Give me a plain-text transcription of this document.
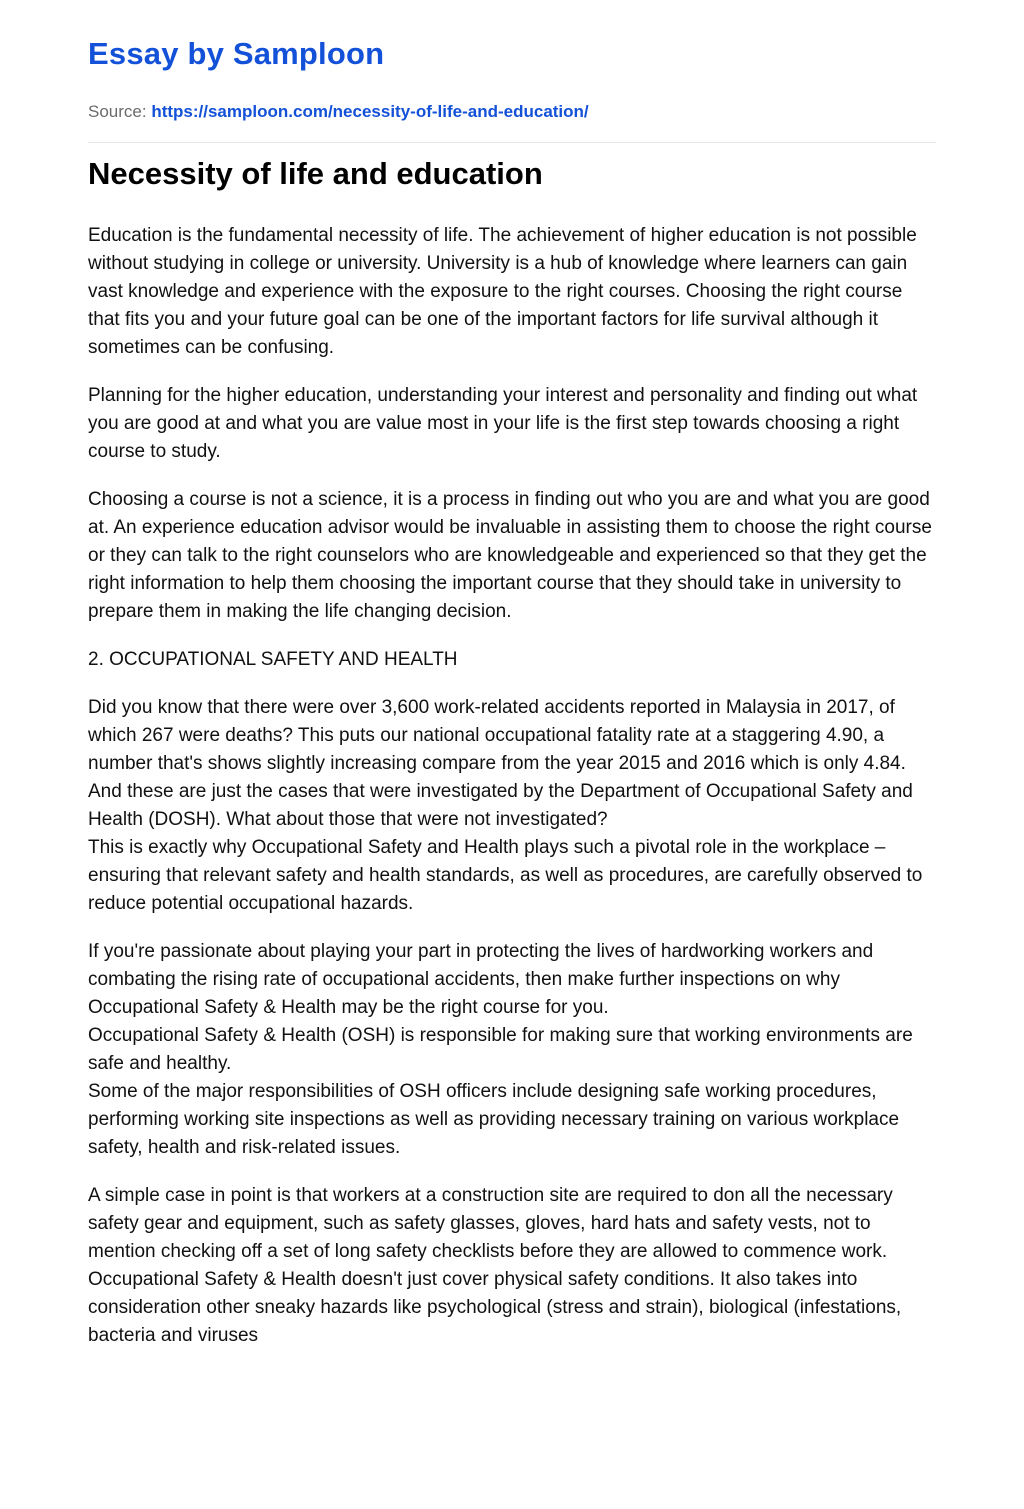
Essay by Samploon
Source: https://samploon.com/necessity-of-life-and-education/
Necessity of life and education

Education is the fundamental necessity of life. The achievement of higher education is not possible without studying in college or university. University is a hub of knowledge where learners can gain vast knowledge and experience with the exposure to the right courses. Choosing the right course that fits you and your future goal can be one of the important factors for life survival although it sometimes can be confusing.

Planning for the higher education, understanding your interest and personality and finding out what you are good at and what you are value most in your life is the first step towards choosing a right course to study.

Choosing a course is not a science, it is a process in finding out who you are and what you are good at. An experience education advisor would be invaluable in assisting them to choose the right course or they can talk to the right counselors who are knowledgeable and experienced so that they get the right information to help them choosing the important course that they should take in university to prepare them in making the life changing decision.

2. OCCUPATIONAL SAFETY AND HEALTH

Did you know that there were over 3,600 work-related accidents reported in Malaysia in 2017, of which 267 were deaths? This puts our national occupational fatality rate at a staggering 4.90, a number that's shows slightly increasing compare from the year 2015 and 2016 which is only 4.84.
And these are just the cases that were investigated by the Department of Occupational Safety and Health (DOSH). What about those that were not investigated?
This is exactly why Occupational Safety and Health plays such a pivotal role in the workplace – ensuring that relevant safety and health standards, as well as procedures, are carefully observed to reduce potential occupational hazards.

If you're passionate about playing your part in protecting the lives of hardworking workers and combating the rising rate of occupational accidents, then make further inspections on why Occupational Safety & Health may be the right course for you.
Occupational Safety & Health (OSH) is responsible for making sure that working environments are safe and healthy.
Some of the major responsibilities of OSH officers include designing safe working procedures, performing working site inspections as well as providing necessary training on various workplace safety, health and risk-related issues.

A simple case in point is that workers at a construction site are required to don all the necessary safety gear and equipment, such as safety glasses, gloves, hard hats and safety vests, not to mention checking off a set of long safety checklists before they are allowed to commence work.
Occupational Safety & Health doesn't just cover physical safety conditions. It also takes into consideration other sneaky hazards like psychological (stress and strain), biological (infestations, bacteria and viruses
